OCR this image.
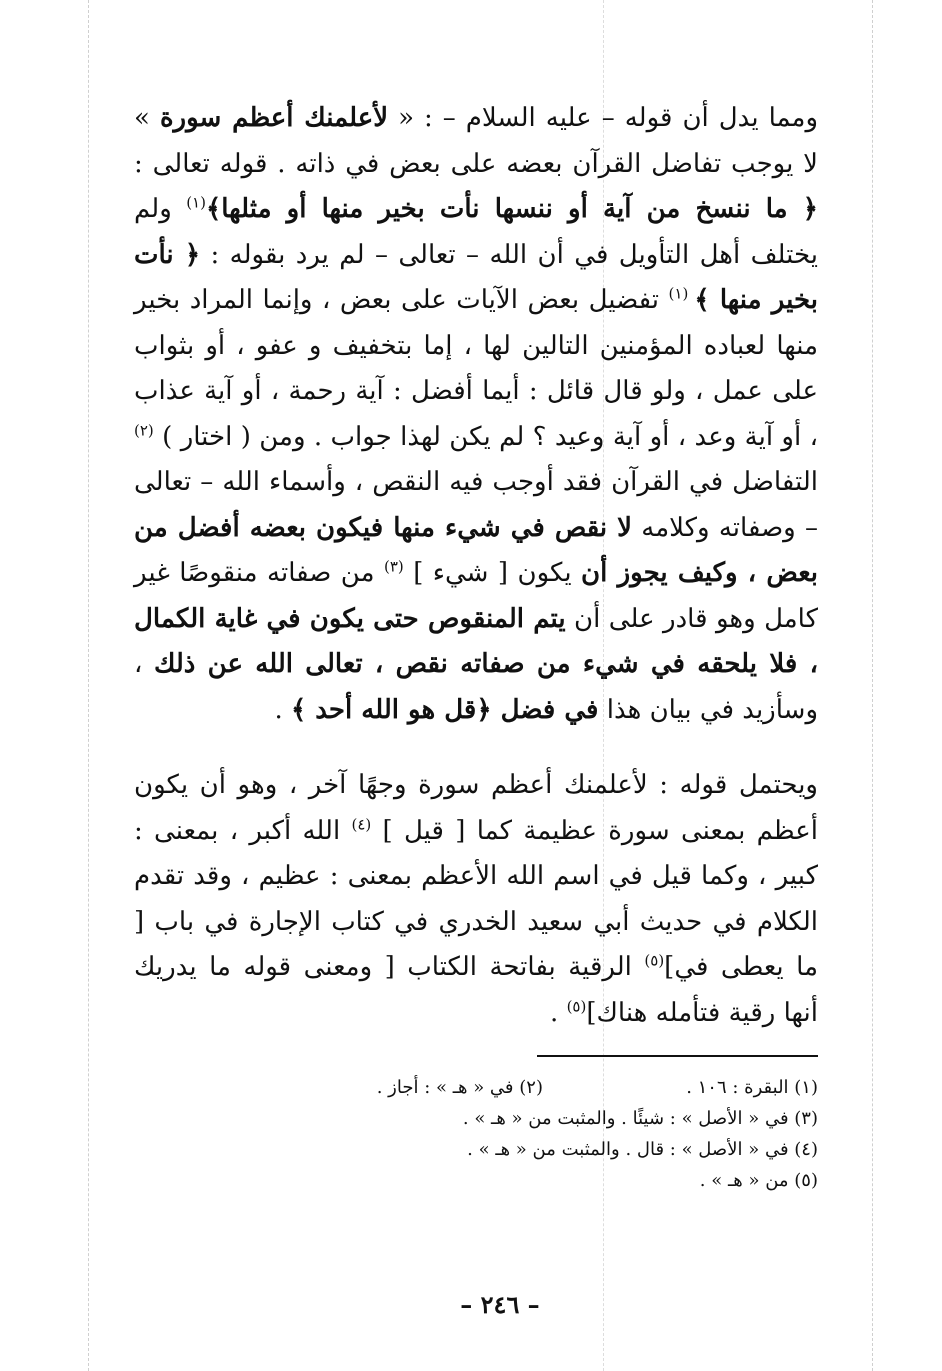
ومما يدل أن قوله – عليه السلام – : « لأعلمنك أعظم سورة » لا يوجب تفاضل القرآن بعضه على بعض في ذاته . قوله تعالى : ﴿ ما ننسخ من آية أو ننسها نأت بخير منها أو مثلها﴾$^{(١)}$ ولم يختلف أهل التأويل في أن الله – تعالى – لم يرد بقوله : ﴿ نأت بخير منها ﴾ $^{(١)}$ تفضيل بعض الآيات على بعض ، وإنما المراد بخير منها لعباده المؤمنين التالين لها ، إما بتخفيف و عفو ، أو بثواب على عمل ، ولو قال قائل : أيما أفضل : آية رحمة ، أو آية عذاب ، أو آية وعد ، أو آية وعيد ؟ لم يكن لهذا جواب . ومن ( اختار ) $^{(٢)}$ التفاضل في القرآن فقد أوجب فيه النقص ، وأسماء الله – تعالى – وصفاته وكلامه لا نقص في شيء منها فيكون بعضه أفضل من بعض ، وكيف يجوز أن يكون [ شيء ] $^{(٣)}$ من صفاته منقوصًا غير كامل وهو قادر على أن يتم المنقوص حتى يكون في غاية الكمال ، فلا يلحقه في شيء من صفاته نقص ، تعالى الله عن ذلك ، وسأزيد في بيان هذا في فضل ﴿قل هو الله أحد ﴾ .

ويحتمل قوله : لأعلمنك أعظم سورة وجهًا آخر ، وهو أن يكون أعظم بمعنى سورة عظيمة كما [ قيل ] $^{(٤)}$ الله أكبر ، بمعنى : كبير ، وكما قيل في اسم الله الأعظم بمعنى : عظيم ، وقد تقدم الكلام في حديث أبي سعيد الخدري في كتاب الإجارة في باب [ ما يعطى في]$^{(٥)}$ الرقية بفاتحة الكتاب [ ومعنى قوله ما يدريك أنها رقية فتأمله هناك]$^{(٥)}$ .

(١) البقرة : ١٠٦ .
(٢) في « هـ » : أجاز .
(٣) في « الأصل » : شيئًا . والمثبت من « هـ » .
(٤) في « الأصل » : قال . والمثبت من « هـ » .
(٥) من « هـ » .
– ٢٤٦ –
